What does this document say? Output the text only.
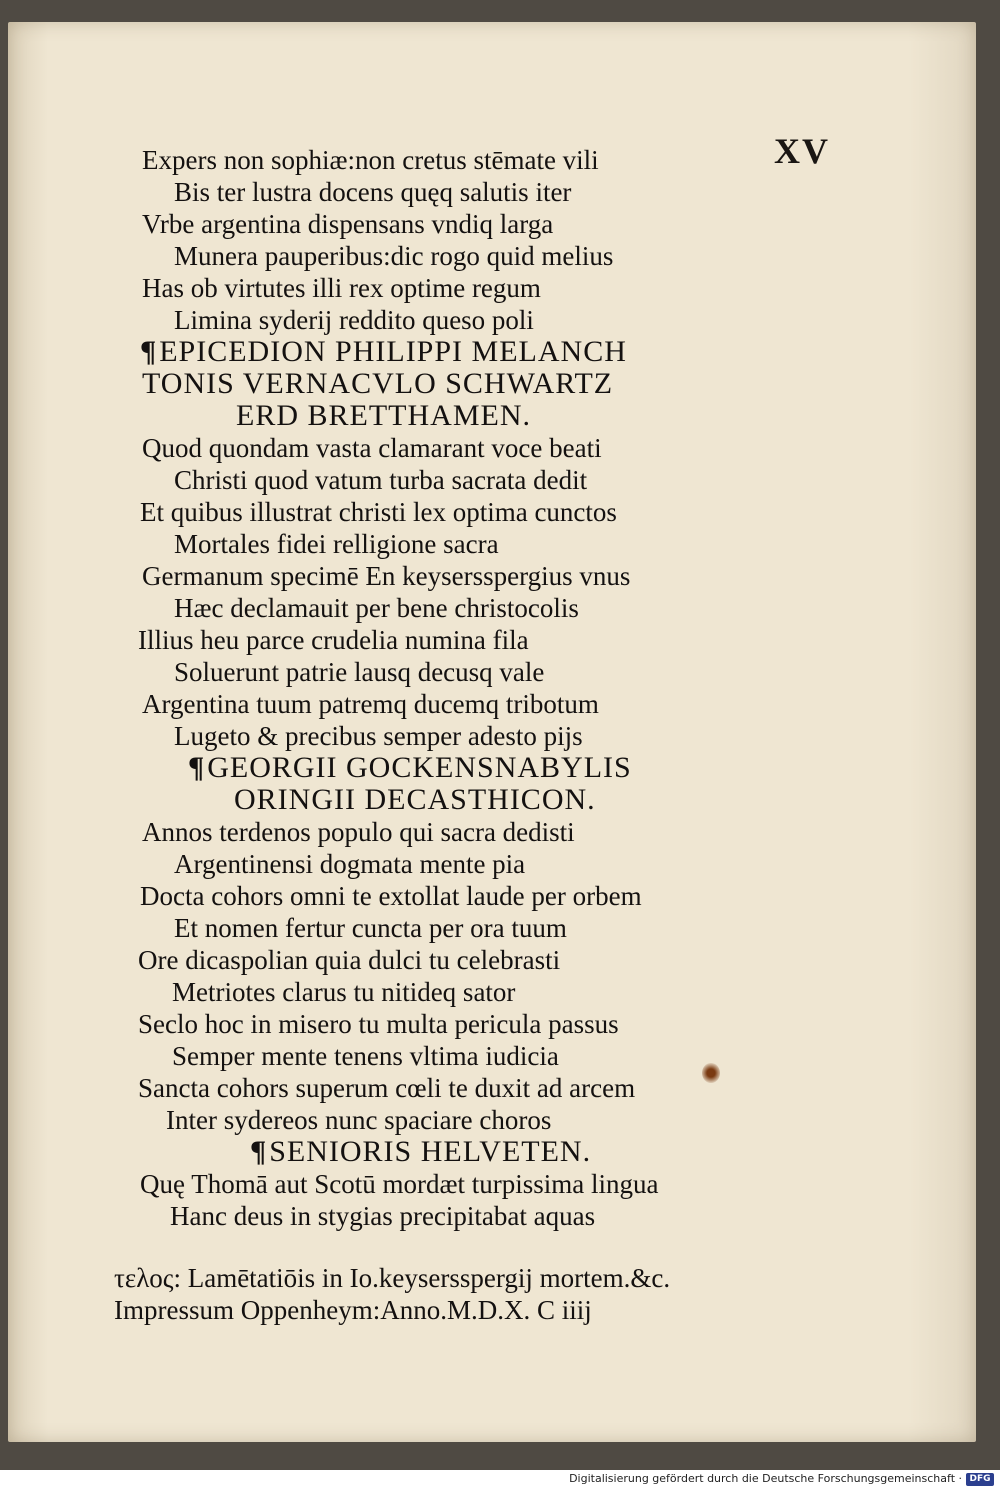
XV
Expers non sophiæ:non cretus stēmate vili
Bis ter lustra docens quęq salutis iter
Vrbe argentina dispensans vndiq larga
Munera pauperibus:dic rogo quid melius
Has ob virtutes illi rex optime regum
Limina syderij reddito queso poli
¶EPICEDION PHILIPPI MELANCH
TONIS VERNACVLO SCHWARTZ
ERD BRETTHAMEN.
Quod quondam vasta clamarant voce beati
Christi quod vatum turba sacrata dedit
Et quibus illustrat christi lex optima cunctos
Mortales fidei relligione sacra
Germanum specimē En keysersspergius vnus
Hæc declamauit per bene christocolis
Illius heu parce crudelia numina fila
Soluerunt patrie lausq decusq vale
Argentina tuum patremq ducemq tribotum
Lugeto & precibus semper adesto pijs
¶GEORGII GOCKENSNABYLIS
ORINGII DECASTHICON.
Annos terdenos populo qui sacra dedisti
Argentinensi dogmata mente pia
Docta cohors omni te extollat laude per orbem
Et nomen fertur cuncta per ora tuum
Ore dicaspolian quia dulci tu celebrasti
Metriotes clarus tu nitideq sator
Seclo hoc in misero tu multa pericula passus
Semper mente tenens vltima iudicia
Sancta cohors superum cœli te duxit ad arcem
Inter sydereos nunc spaciare choros
¶SENIORIS HELVETEN.
Quę Thomā aut Scotū mordæt turpissima lingua
Hanc deus in stygias precipitabat aquas
τελος: Lamētatiōis in Io.keysersspergij mortem.&c.
Impressum Oppenheym:Anno.M.D.X. C iiij
Digitalisierung gefördert durch die Deutsche Forschungsgemeinschaft · DFG
